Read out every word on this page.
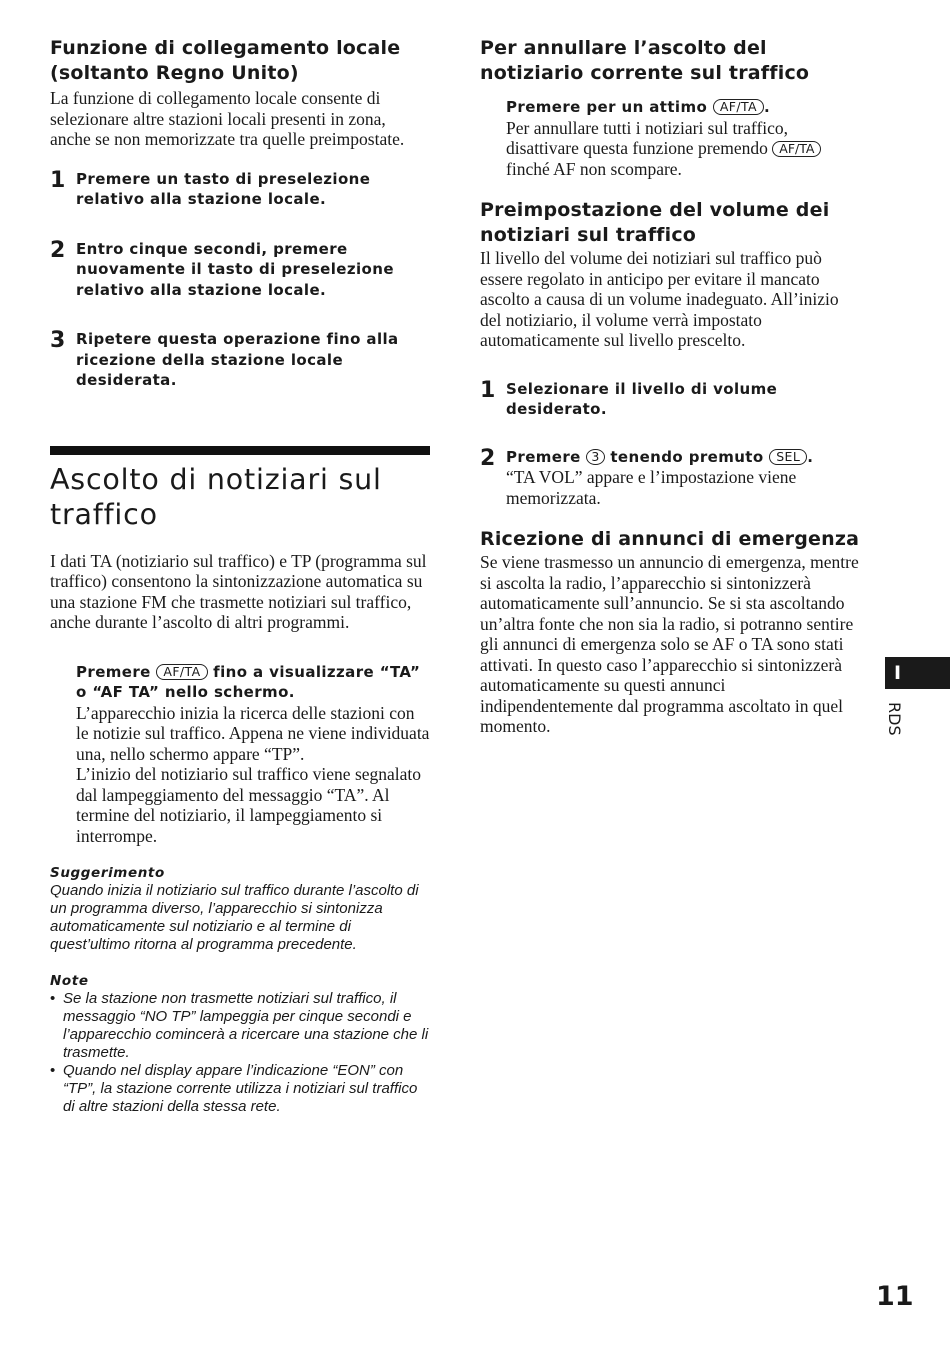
Funzione di collegamento locale (soltanto Regno Unito)

La funzione di collegamento locale consente di selezionare altre stazioni locali presenti in zona, anche se non memorizzate tra quelle preimpostate.

1 Premere un tasto di preselezione relativo alla stazione locale.

2 Entro cinque secondi, premere nuovamente il tasto di preselezione relativo alla stazione locale.

3 Ripetere questa operazione fino alla ricezione della stazione locale desiderata.

Ascolto di notiziari sul traffico

I dati TA (notiziario sul traffico) e TP (programma sul traffico) consentono la sintonizzazione automatica su una stazione FM che trasmette notiziari sul traffico, anche durante l’ascolto di altri programmi.

Premere AF/TA fino a visualizzare “TA” o “AF TA” nello schermo.

L’apparecchio inizia la ricerca delle stazioni con le notizie sul traffico. Appena ne viene individuata una, nello schermo appare “TP”.

L’inizio del notiziario sul traffico viene segnalato dal lampeggiamento del messaggio “TA”. Al termine del notiziario, il lampeggiamento si interrompe.

Suggerimento

Quando inizia il notiziario sul traffico durante l’ascolto di un programma diverso, l’apparecchio si sintonizza automaticamente sul notiziario e al termine di quest’ultimo ritorna al programma precedente.

Note

• Se la stazione non trasmette notiziari sul traffico, il messaggio “NO TP” lampeggia per cinque secondi e l’apparecchio comincerà a ricercare una stazione che li trasmette.

• Quando nel display appare l’indicazione “EON” con “TP”, la stazione corrente utilizza i notiziari sul traffico di altre stazioni della stessa rete.

Per annullare l’ascolto del notiziario corrente sul traffico

Premere per un attimo AF/TA .

Per annullare tutti i notiziari sul traffico, disattivare questa funzione premendo AF/TA finché AF non scompare.

Preimpostazione del volume dei notiziari sul traffico

Il livello del volume dei notiziari sul traffico può essere regolato in anticipo per evitare il mancato ascolto a causa di un volume inadeguato. All’inizio del notiziario, il volume verrà impostato automaticamente sul livello prescelto.

1 Selezionare il livello di volume desiderato.

2 Premere 3 tenendo premuto SEL .

“TA VOL” appare e l’impostazione viene memorizzata.

Ricezione di annunci di emergenza

Se viene trasmesso un annuncio di emergenza, mentre si ascolta la radio, l’apparecchio si sintonizzerà automaticamente sull’annuncio. Se si sta ascoltando un’altra fonte che non sia la radio, si potranno sentire gli annunci di emergenza solo se AF o TA sono stati attivati. In questo caso l’apparecchio si sintonizzerà automaticamente su questi annunci indipendentemente dal programma ascoltato in quel momento.

I
RDS
11
